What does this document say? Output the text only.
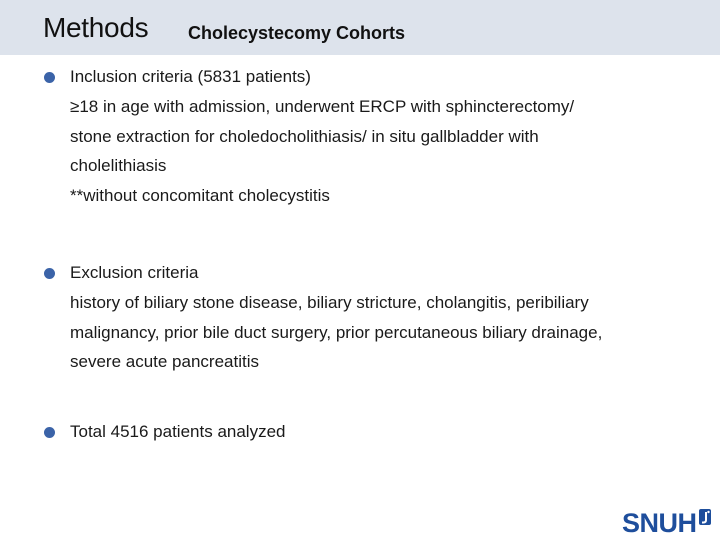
Methods Cholecystecomy Cohorts
Inclusion criteria (5831 patients)
≥18 in age with admission, underwent ERCP with sphincterectomy/
stone extraction for choledocholithiasis/ in situ gallbladder with
cholelithiasis
**without concomitant cholecystitis
Exclusion criteria
history of biliary stone disease, biliary stricture, cholangitis, peribiliary
malignancy, prior bile duct surgery, prior percutaneous biliary drainage,
severe acute pancreatitis
Total 4516 patients analyzed
SNUH
